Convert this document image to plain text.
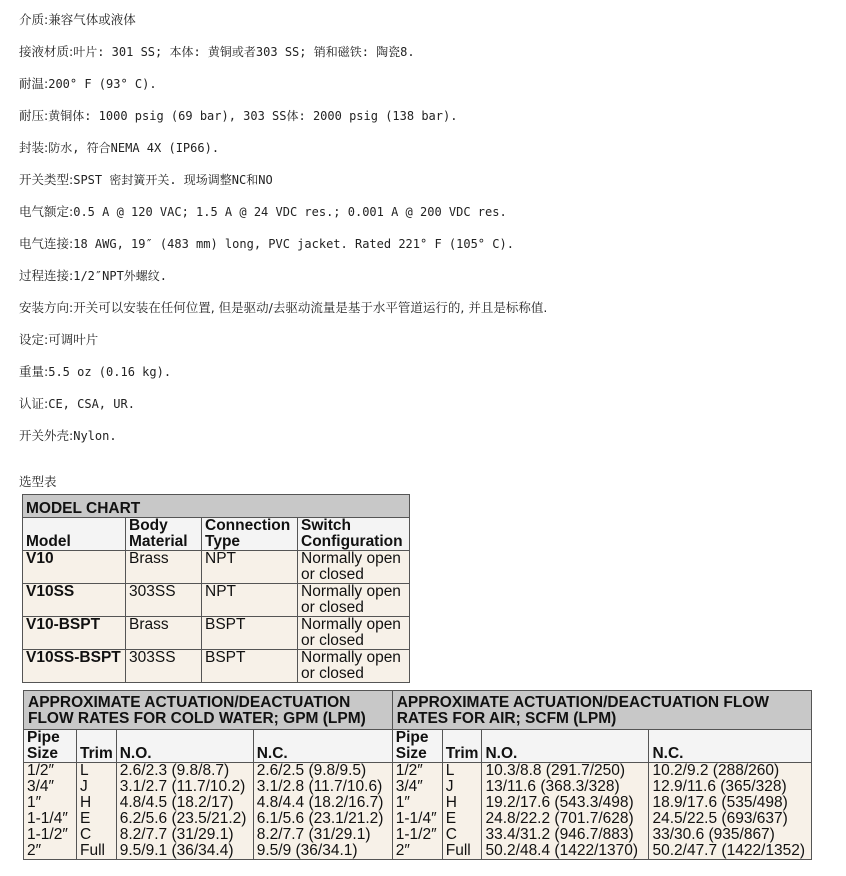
介质:兼容气体或液体
接液材质:叶片: 301 SS; 本体: 黄铜或者303 SS; 销和磁铁: 陶瓷8.
耐温:200° F (93° C).
耐压:黄铜体: 1000 psig (69 bar), 303 SS体: 2000 psig (138 bar).
封装:防水, 符合NEMA 4X (IP66).
开关类型:SPST 密封簧开关. 现场调整NC和NO
电气额定:0.5 A @ 120 VAC; 1.5 A @ 24 VDC res.; 0.001 A @ 200 VDC res.
电气连接:18 AWG, 19″ (483 mm) long, PVC jacket. Rated 221° F (105° C).
过程连接:1/2″NPT外螺纹.
安装方向:开关可以安装在任何位置, 但是驱动/去驱动流量是基于水平管道运行的, 并且是标称值.
设定:可调叶片
重量:5.5 oz (0.16 kg).
认证:CE, CSA, UR.
开关外壳:Nylon.
选型表
MODEL CHART			
Model	Body Material	Connection Type	Switch Configuration
V10	Brass	NPT	Normally open or closed
V10SS	303SS	NPT	Normally open or closed
V10-BSPT	Brass	BSPT	Normally open or closed
V10SS-BSPT	303SS	BSPT	Normally open or closed
APPROXIMATE ACTUATION/DEACTUATION FLOW RATES FOR COLD WATER; GPM (LPM)				APPROXIMATE ACTUATION/DEACTUATION FLOW RATES FOR AIR; SCFM (LPM)			
Pipe Size	Trim	N.O.	N.C.	Pipe Size	Trim	N.O.	N.C.
1/2″	L	2.6/2.3 (9.8/8.7)	2.6/2.5 (9.8/9.5)	1/2″	L	10.3/8.8 (291.7/250)	10.2/9.2 (288/260)
3/4″	J	3.1/2.7 (11.7/10.2)	3.1/2.8 (11.7/10.6)	3/4″	J	13/11.6 (368.3/328)	12.9/11.6 (365/328)
1″	H	4.8/4.5 (18.2/17)	4.8/4.4 (18.2/16.7)	1″	H	19.2/17.6 (543.3/498)	18.9/17.6 (535/498)
1-1/4″	E	6.2/5.6 (23.5/21.2)	6.1/5.6 (23.1/21.2)	1-1/4″	E	24.8/22.2 (701.7/628)	24.5/22.5 (693/637)
1-1/2″	C	8.2/7.7 (31/29.1)	8.2/7.7 (31/29.1)	1-1/2″	C	33.4/31.2 (946.7/883)	33/30.6 (935/867)
2″	Full	9.5/9.1 (36/34.4)	9.5/9 (36/34.1)	2″	Full	50.2/48.4 (1422/1370)	50.2/47.7 (1422/1352)
